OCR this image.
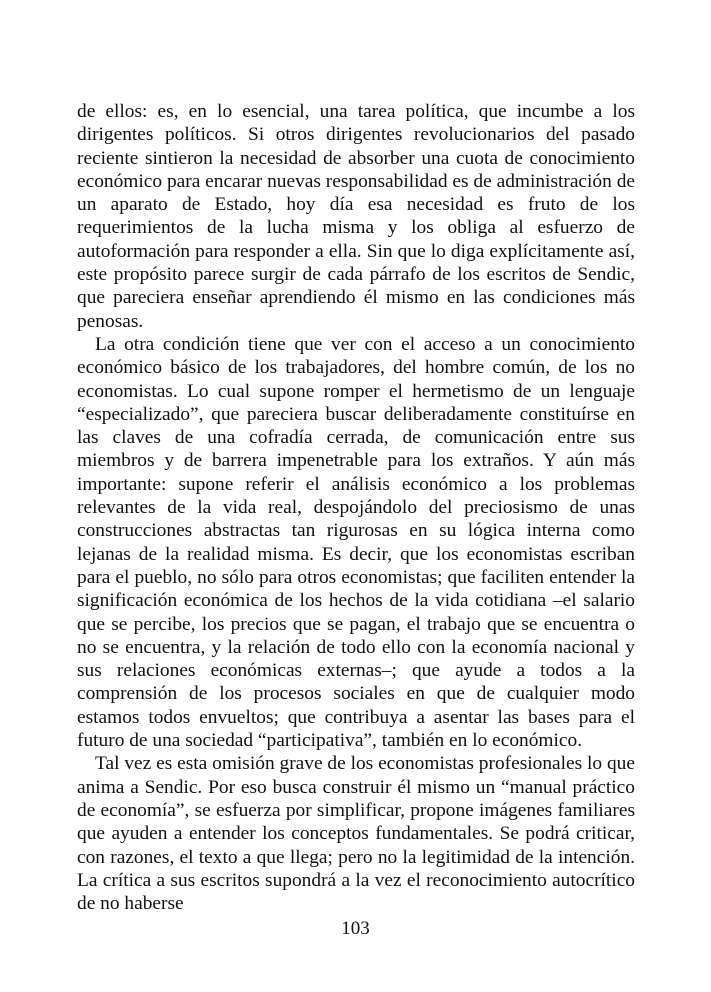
de ellos: es, en lo esencial, una tarea política, que incumbe a los dirigentes políticos. Si otros dirigentes revolucionarios del pasado reciente sintieron la necesidad de absorber una cuota de conocimiento económico para encarar nuevas responsabilidad es de administración de un aparato de Estado, hoy día esa necesidad es fruto de los requerimientos de la lucha misma y los obliga al esfuerzo de autoformación para responder a ella. Sin que lo diga explícitamente así, este propósito parece surgir de cada párrafo de los escritos de Sendic, que pareciera enseñar aprendiendo él mismo en las condiciones más penosas.

La otra condición tiene que ver con el acceso a un conocimiento económico básico de los trabajadores, del hombre común, de los no economistas. Lo cual supone romper el hermetismo de un lenguaje “especializado”, que pareciera buscar deliberadamente constituírse en las claves de una cofradía cerrada, de comunicación entre sus miembros y de barrera impenetrable para los extraños. Y aún más importante: supone referir el análisis económico a los problemas relevantes de la vida real, despojándolo del preciosismo de unas construcciones abstractas tan rigurosas en su lógica interna como lejanas de la realidad misma. Es decir, que los economistas escriban para el pueblo, no sólo para otros economistas; que faciliten entender la significación económica de los hechos de la vida cotidiana –el salario que se percibe, los precios que se pagan, el trabajo que se encuentra o no se encuentra, y la relación de todo ello con la economía nacional y sus relaciones económicas externas–; que ayude a todos a la comprensión de los procesos sociales en que de cualquier modo estamos todos envueltos; que contribuya a asentar las bases para el futuro de una sociedad “participativa”, también en lo económico.

Tal vez es esta omisión grave de los economistas profesionales lo que anima a Sendic. Por eso busca construir él mismo un “manual práctico de economía”, se esfuerza por simplificar, propone imágenes familiares que ayuden a entender los conceptos fundamentales. Se podrá criticar, con razones, el texto a que llega; pero no la legitimidad de la intención. La crítica a sus escritos supondrá a la vez el reconocimiento autocrítico de no haberse

103
